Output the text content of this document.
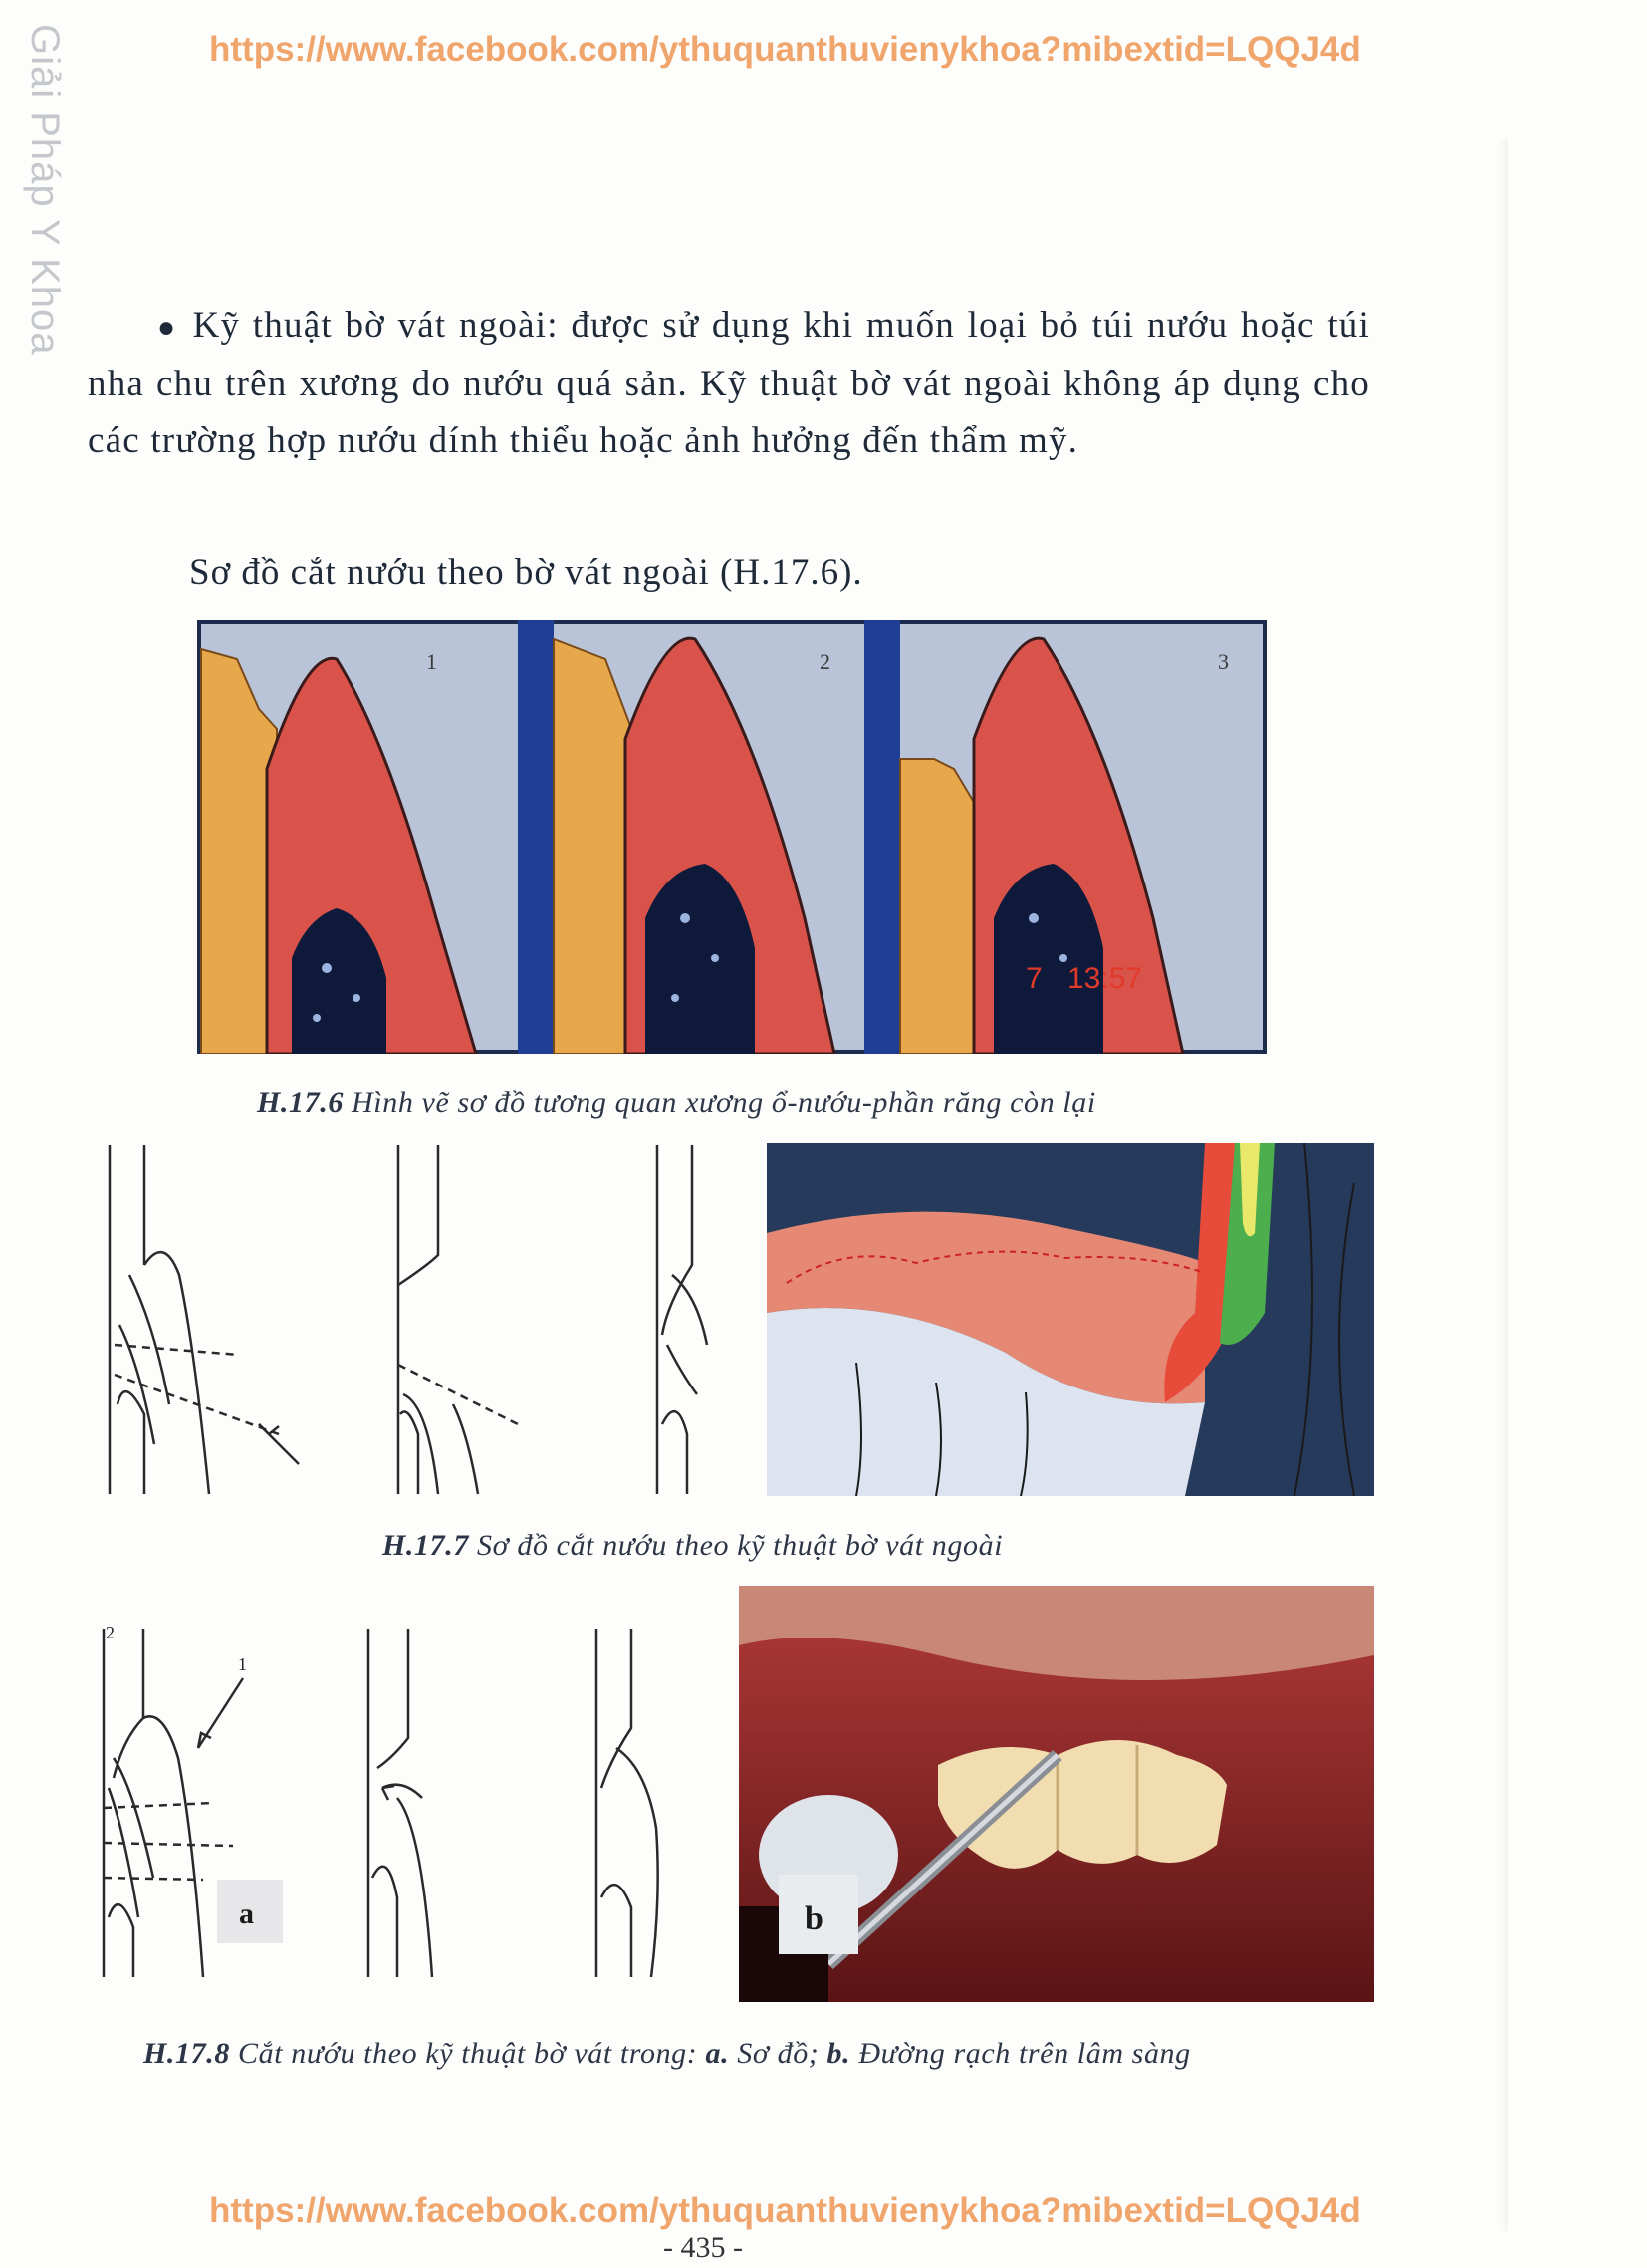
Giải Pháp Y Khoa	https://www.facebook.com/ythuquanthuvienykhoa?mibextid=LQQJ4d
● Kỹ thuật bờ vát ngoài: được sử dụng khi muốn loại bỏ túi nướu hoặc túi nha chu trên xương do nướu quá sản. Kỹ thuật bờ vát ngoài không áp dụng cho các trường hợp nướu dính thiểu hoặc ảnh hưởng đến thẩm mỹ.
Sơ đồ cắt nướu theo bờ vát ngoài (H.17.6).
1	2	3
7 13:57
H.17.6 Hình vẽ sơ đồ tương quan xương ổ-nướu-phần răng còn lại
H.17.7 Sơ đồ cắt nướu theo kỹ thuật bờ vát ngoài
2
1
a	b
H.17.8 Cắt nướu theo kỹ thuật bờ vát trong: a. Sơ đồ; b. Đường rạch trên lâm sàng
https://www.facebook.com/ythuquanthuvienykhoa?mibextid=LQQJ4d
- 435 -
